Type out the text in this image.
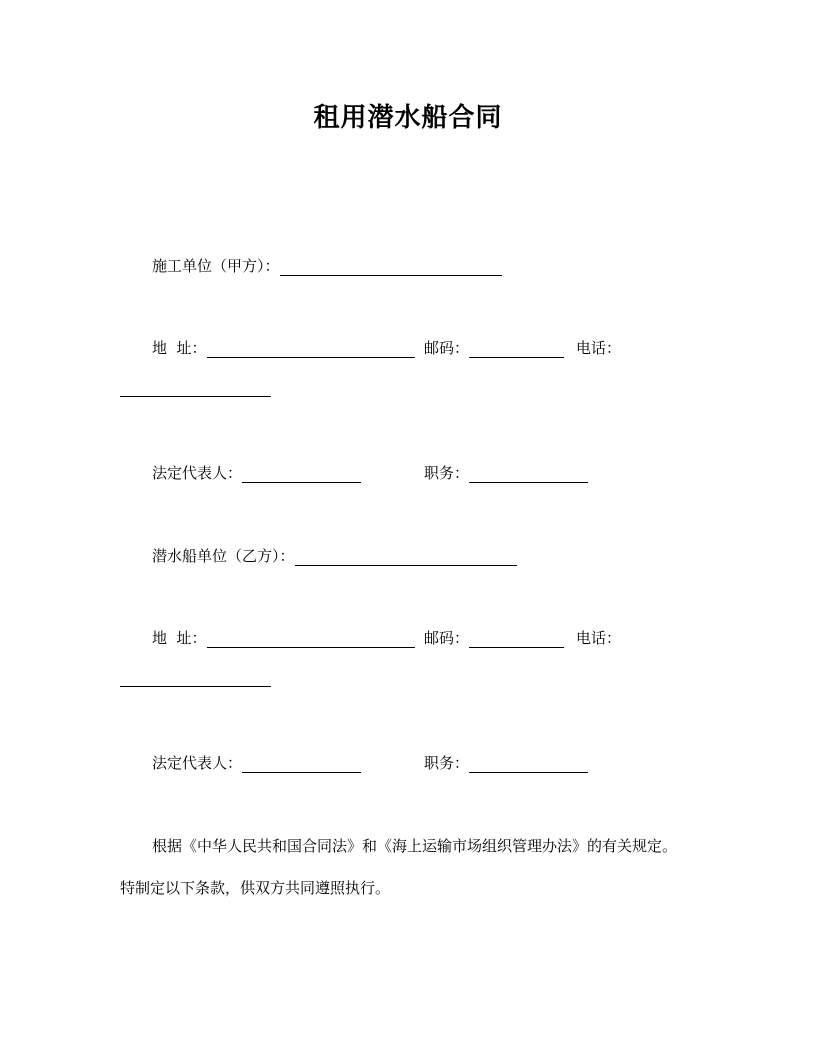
租用潜水船合同
施工单位（甲方）：
地  址：	邮码：	电话：
法定代表人：	职务：
潜水船单位（乙方）：
地  址：	邮码：	电话：
法定代表人：	职务：
根据《中华人民共和国合同法》和《海上运输市场组织管理办法》的有关规定。
特制定以下条款，供双方共同遵照执行。
